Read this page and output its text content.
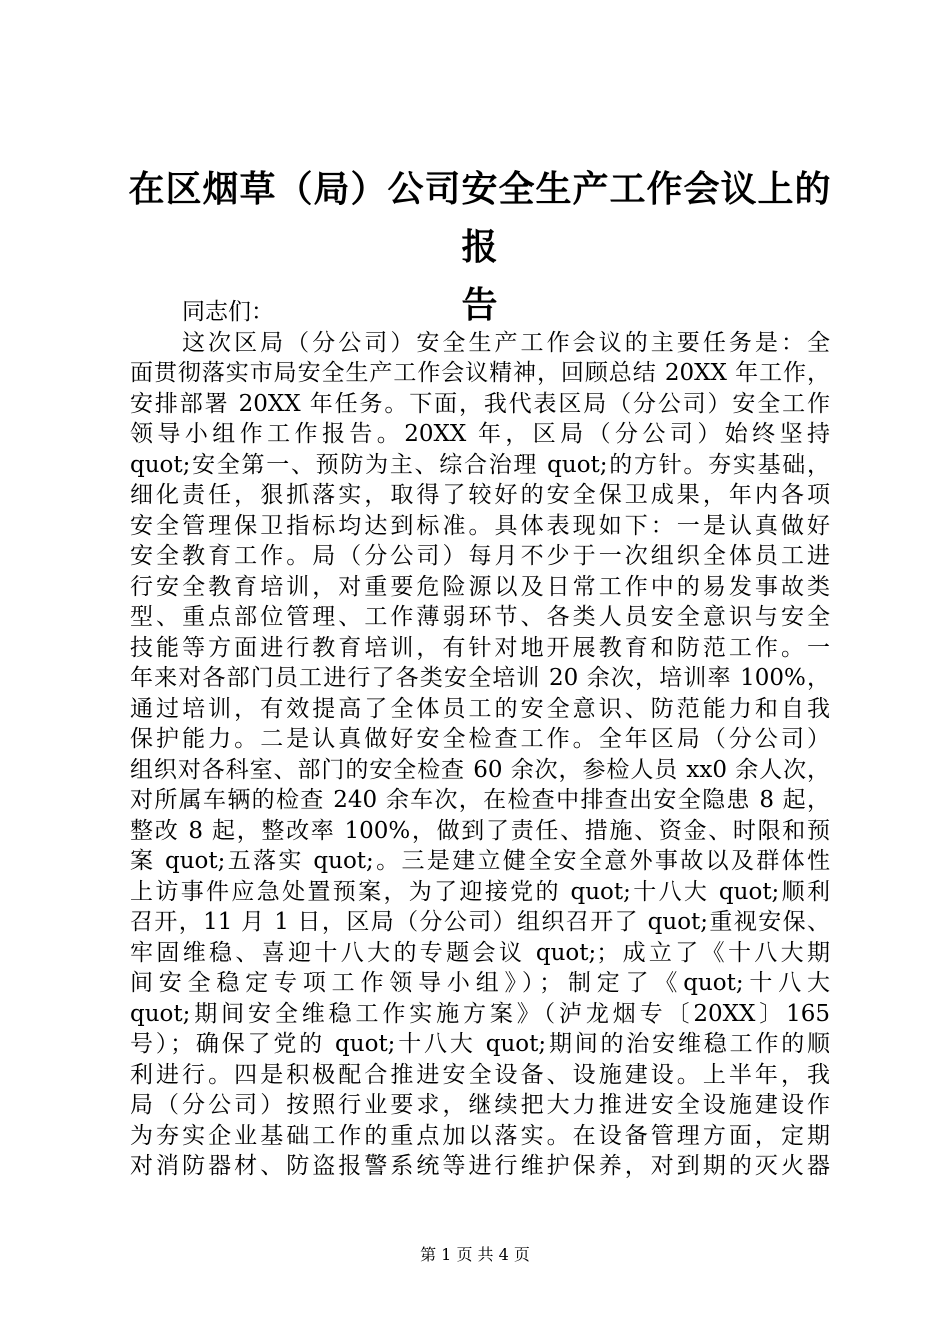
在区烟草（局）公司安全生产工作会议上的报
告
同志们：
这次区局（分公司）安全生产工作会议的主要任务是：全
面贯彻落实市局安全生产工作会议精神，回顾总结 20XX 年工作，
安排部署 20XX 年任务。下面，我代表区局（分公司）安全工作
领导小组作工作报告。20XX 年，区局（分公司）始终坚持
quot;安全第一、预防为主、综合治理 quot;的方针。夯实基础，
细化责任，狠抓落实，取得了较好的安全保卫成果，年内各项
安全管理保卫指标均达到标准。具体表现如下：一是认真做好
安全教育工作。局（分公司）每月不少于一次组织全体员工进
行安全教育培训，对重要危险源以及日常工作中的易发事故类
型、重点部位管理、工作薄弱环节、各类人员安全意识与安全
技能等方面进行教育培训，有针对地开展教育和防范工作。一
年来对各部门员工进行了各类安全培训 20 余次，培训率 100%，
通过培训，有效提高了全体员工的安全意识、防范能力和自我
保护能力。二是认真做好安全检查工作。全年区局（分公司）
组织对各科室、部门的安全检查 60 余次，参检人员 xx0 余人次，
对所属车辆的检查 240 余车次，在检查中排查出安全隐患 8 起，
整改 8 起，整改率 100%，做到了责任、措施、资金、时限和预
案 quot;五落实 quot;。三是建立健全安全意外事故以及群体性
上访事件应急处置预案，为了迎接党的 quot;十八大 quot;顺利
召开，11 月 1 日，区局（分公司）组织召开了 quot;重视安保、
牢固维稳、喜迎十八大的专题会议 quot;；成立了《十八大期
间安全稳定专项工作领导小组》）；制定了《quot;十八大
quot;期间安全维稳工作实施方案》（泸龙烟专〔20XX〕165
号）；确保了党的 quot;十八大 quot;期间的治安维稳工作的顺
利进行。四是积极配合推进安全设备、设施建设。上半年，我
局（分公司）按照行业要求，继续把大力推进安全设施建设作
为夯实企业基础工作的重点加以落实。在设备管理方面，定期
对消防器材、防盗报警系统等进行维护保养，对到期的灭火器
第 1 页 共 4 页
